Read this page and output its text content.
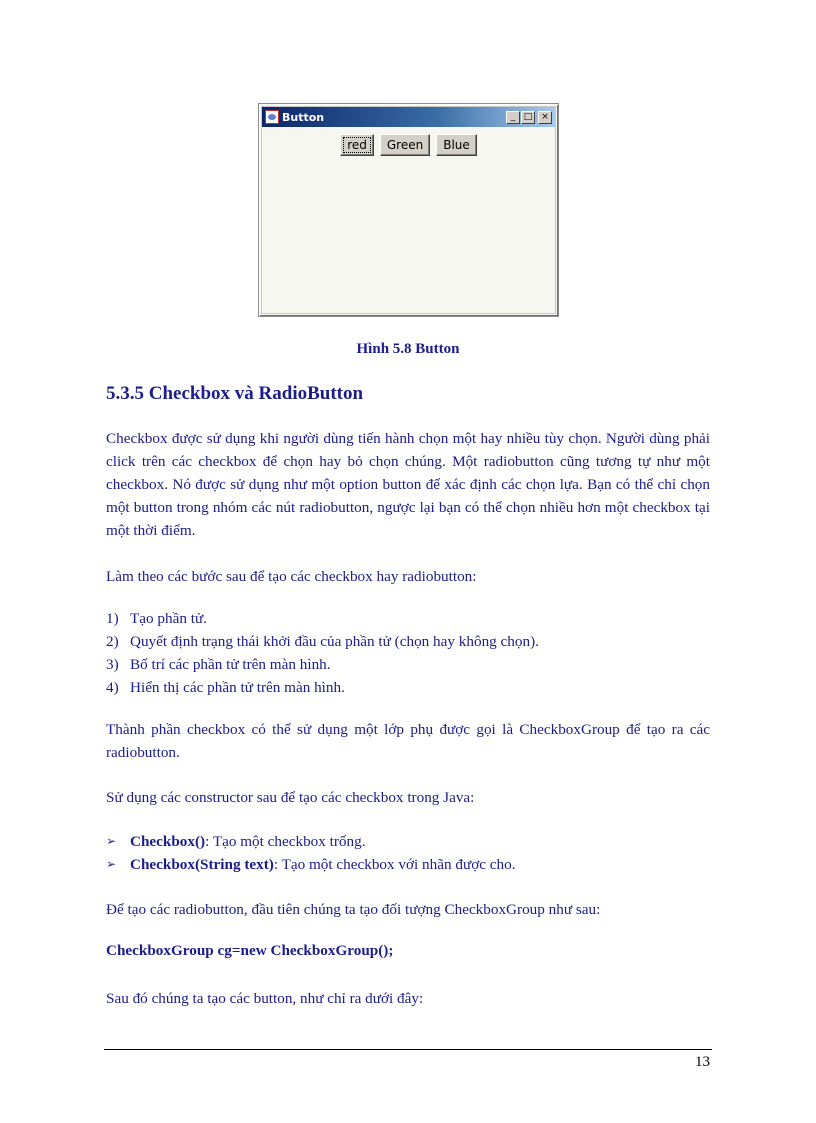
Button	_ □ ×
red	Green	Blue
Hình 5.8 Button
5.3.5 Checkbox và RadioButton

Checkbox được sử dụng khi người dùng tiến hành chọn một hay nhiều tùy chọn. Người dùng phải click trên các checkbox để chọn hay bỏ chọn chúng. Một radiobutton cũng tương tự như một checkbox. Nó được sử dụng như một option button để xác định các chọn lựa. Bạn có thể chỉ chọn một button trong nhóm các nút radiobutton, ngược lại bạn có thể chọn nhiều hơn một checkbox tại một thời điểm.

Làm theo các bước sau để tạo các checkbox hay radiobutton:

1) Tạo phần tử.
2) Quyết định trạng thái khởi đầu của phần tử (chọn hay không chọn).
3) Bố trí các phần tử trên màn hình.
4) Hiển thị các phần tử trên màn hình.

Thành phần checkbox có thể sử dụng một lớp phụ được gọi là CheckboxGroup để tạo ra các radiobutton.

Sử dụng các constructor sau để tạo các checkbox trong Java:

➢ Checkbox(): Tạo một checkbox trống.
➢ Checkbox(String text): Tạo một checkbox với nhãn được cho.

Để tạo các radiobutton, đầu tiên chúng ta tạo đối tượng CheckboxGroup như sau:

CheckboxGroup cg=new CheckboxGroup();

Sau đó chúng ta tạo các button, như chỉ ra dưới đây:

13
